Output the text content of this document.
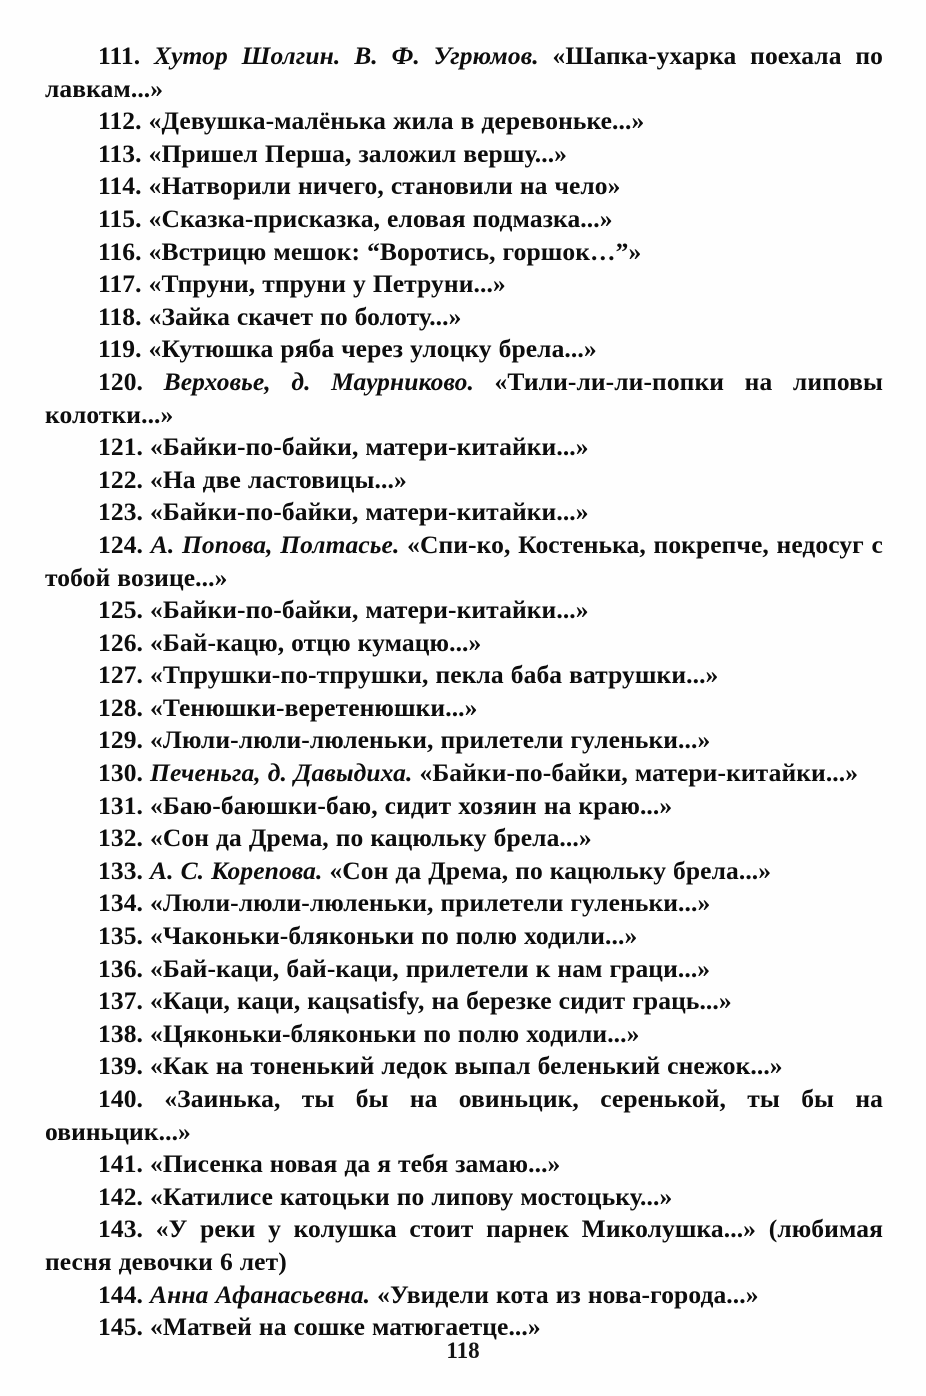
111. Хутор Шолгин. В. Ф. Угрюмов. «Шапка-ухарка поехала по лавкам...»

112. «Девушка-малёнька жила в деревоньке...»

113. «Пришел Перша, заложил вершу...»

114. «Натворили ничего, становили на чело»

115. «Сказка-присказка, еловая подмазка...»

116. «Встрицю мешок: “Воротись, горшок…”»

117. «Тпруни, тпруни у Петруни...»

118. «Зайка скачет по болоту...»

119. «Кутюшка ряба через улоцку брела...»

120. Верховье, д. Маурниково. «Тили-ли-ли-попки на липовы колотки...»

121. «Байки-по-байки, матери-китайки...»

122. «На две ластовицы...»

123. «Байки-по-байки, матери-китайки...»

124. А. Попова, Полтасье. «Спи-ко, Костенька, покрепче, недосуг с тобой возице...»

125. «Байки-по-байки, матери-китайки...»

126. «Бай-кацю, отцю кумацю...»

127. «Тпрушки-по-тпрушки, пекла баба ватрушки...»

128. «Тенюшки-веретенюшки...»

129. «Люли-люли-люленьки, прилетели гуленьки...»

130. Печеньга, д. Давыдиха. «Байки-по-байки, матери-китайки...»

131. «Баю-баюшки-баю, сидит хозяин на краю...»

132. «Сон да Дрема, по кацюльку брела...»

133. А. С. Корепова. «Сон да Дрема, по кацюльку брела...»

134. «Люли-люли-люленьки, прилетели гуленьки...»

135. «Чаконьки-бляконьки по полю ходили...»

136. «Бай-каци, бай-каци, прилетели к нам граци...»

137. «Каци, каци, кацsatisfy, на березке сидит граць...»

138. «Цяконьки-бляконьки по полю ходили...»

139. «Как на тоненький ледок выпал беленький снежок...»

140. «Заинька, ты бы на овиньцик, серенькой, ты бы на овиньцик...»

141. «Писенка новая да я тебя замаю...»

142. «Катилисе катоцьки по липову мостоцьку...»

143. «У реки у колушка стоит парнек Миколушка...» (любимая песня девочки 6 лет)

144. Анна Афанасьевна. «Увидели кота из нова-города...»

145. «Матвей на сошке матюгаетце...»

118
